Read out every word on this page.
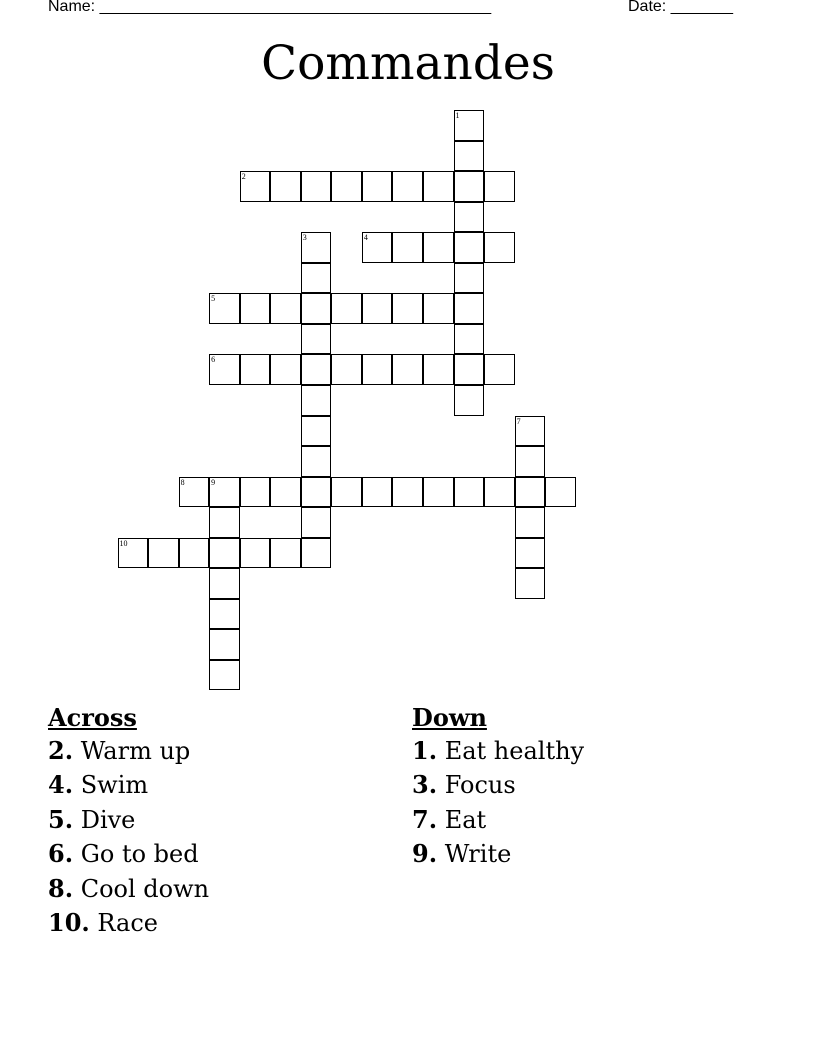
Name: ____________________________________________	Date: _______
Commandes
1
2
3	4
5
6
7
8	9
10
Across
2. Warm up
4. Swim
5. Dive
6. Go to bed
8. Cool down
10. Race
Down
1. Eat healthy
3. Focus
7. Eat
9. Write
